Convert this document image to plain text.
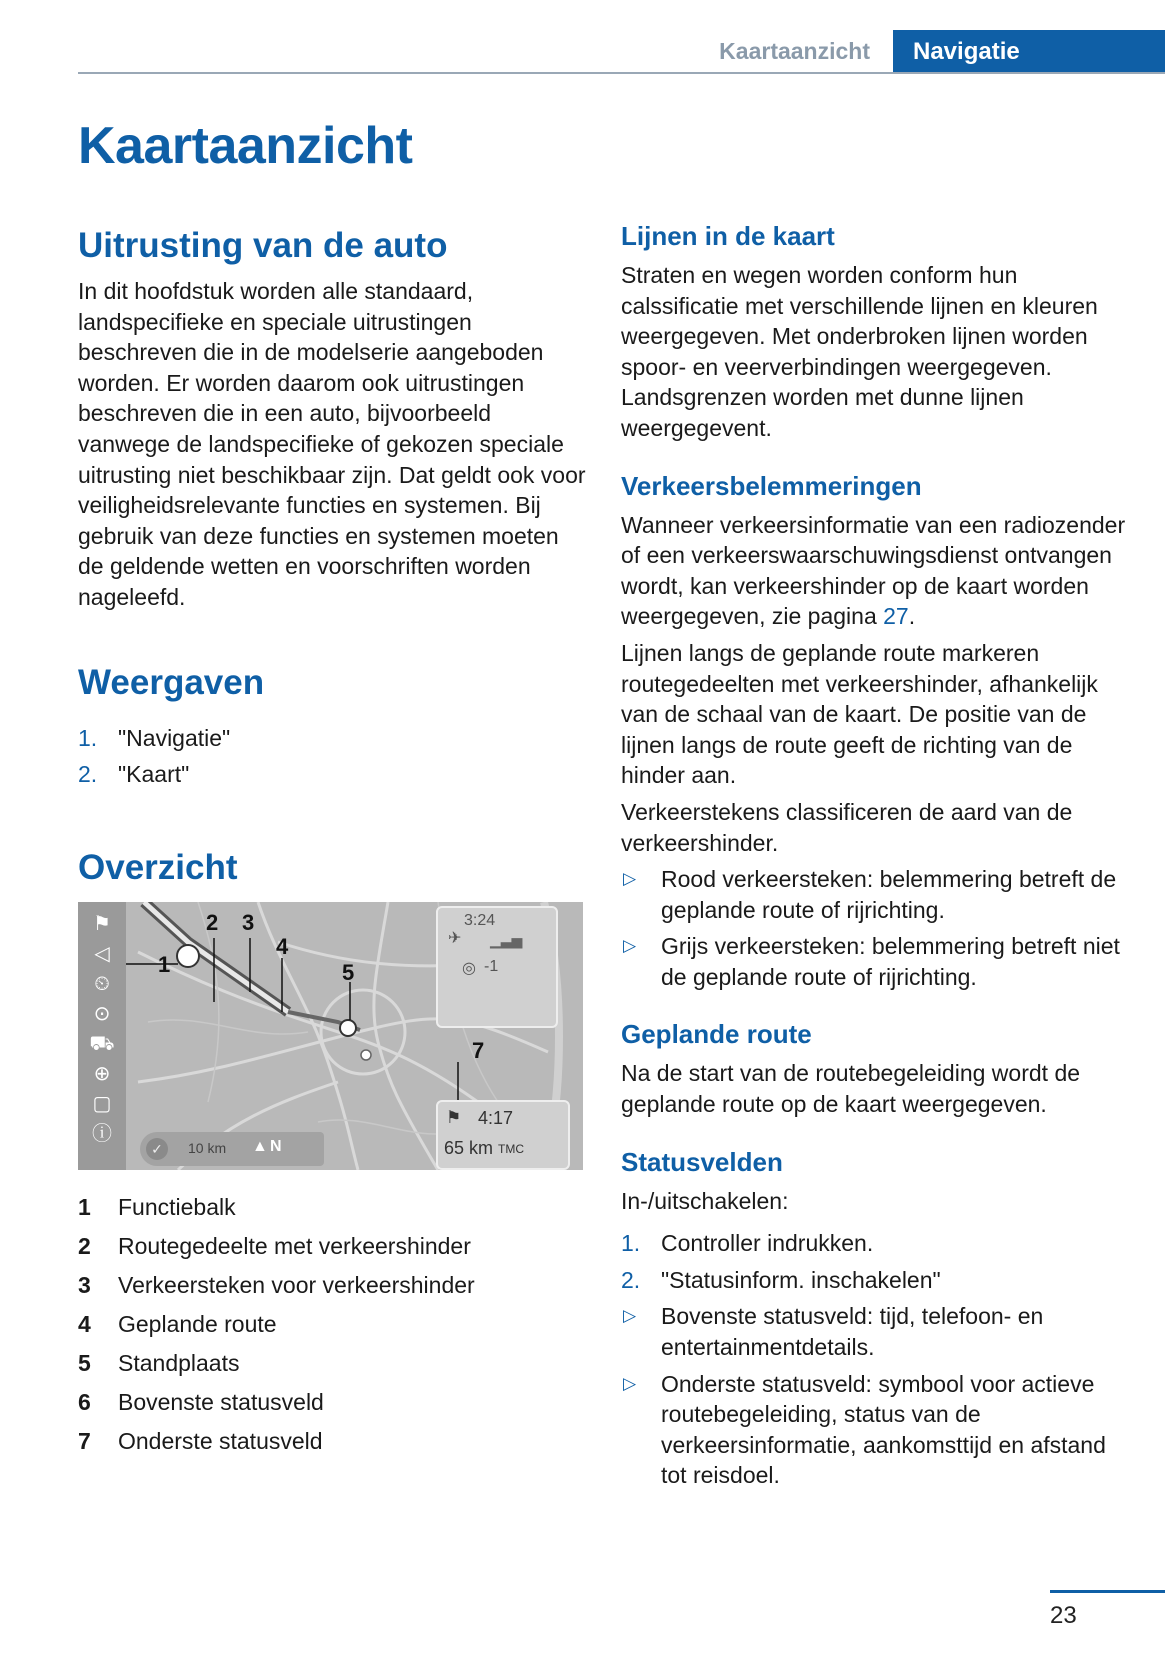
Kaartaanzicht Navigatie
Kaartaanzicht
Uitrusting van de auto

In dit hoofdstuk worden alle standaard, landspecifieke en speciale uitrustingen beschreven die in de modelserie aangeboden worden. Er worden daarom ook uitrustingen beschreven die in een auto, bijvoorbeeld vanwege de landspecifieke of gekozen speciale uitrusting niet beschikbaar zijn. Dat geldt ook voor veiligheidsrelevante functies en systemen. Bij gebruik van deze functies en systemen moeten de geldende wetten en voorschriften worden nageleefd.

Weergaven
1. "Navigatie"
2. "Kaart"
Overzicht
⚑
◁
⏲
⊙
⛟
⊕
▢
ⓘ
1
2 3
4
5
7
3:24
✈ ▁▃▅
◎ -1
⚑ 4:17
65 km TMC
✓	10 km ▲ N
1 Functiebalk
2 Routegedeelte met verkeershinder
3 Verkeersteken voor verkeershinder
4 Geplande route
5 Standplaats
6 Bovenste statusveld
7 Onderste statusveld
Lijnen in de kaart

Straten en wegen worden conform hun calssificatie met verschillende lijnen en kleuren weergegeven. Met onderbroken lijnen worden spoor- en veerverbindingen weergegeven. Landsgrenzen worden met dunne lijnen weergegevent.

Verkeersbelemmeringen

Wanneer verkeersinformatie van een radiozender of een verkeerswaarschuwingsdienst ontvangen wordt, kan verkeershinder op de kaart worden weergegeven, zie pagina 27.

Lijnen langs de geplande route markeren routegedeelten met verkeershinder, afhankelijk van de schaal van de kaart. De positie van de lijnen langs de route geeft de richting van de hinder aan.

Verkeerstekens classificeren de aard van de verkeershinder.

▷ Rood verkeersteken: belemmering betreft de geplande route of rijrichting.
▷ Grijs verkeersteken: belemmering betreft niet de geplande route of rijrichting.
Geplande route

Na de start van de routebegeleiding wordt de geplande route op de kaart weergegeven.

Statusvelden

In-/uitschakelen:

1. Controller indrukken.
2. "Statusinform. inschakelen"
▷ Bovenste statusveld: tijd, telefoon- en entertainmentdetails.
▷ Onderste statusveld: symbool voor actieve routebegeleiding, status van de verkeersinformatie, aankomsttijd en afstand tot reisdoel.
23
